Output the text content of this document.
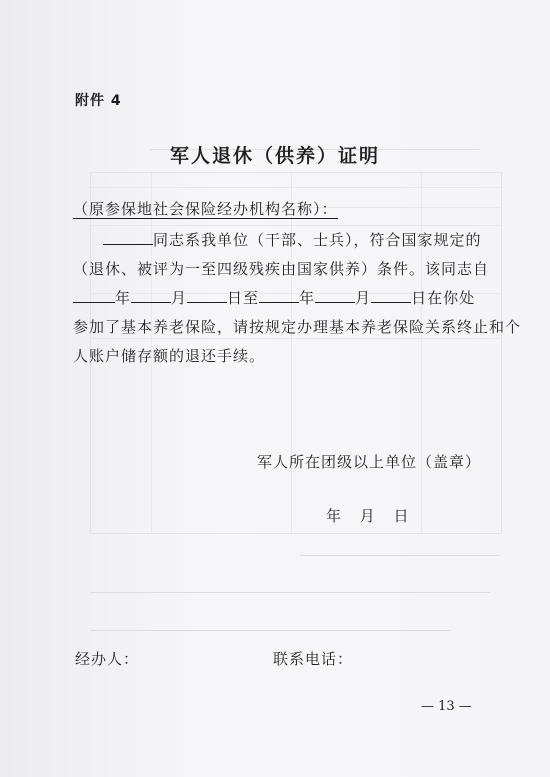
附件 4
军人退休（供养）证明
（原参保地社会保险经办机构名称）：
同志系我单位（干部、士兵），符合国家规定的
（退休、被评为一至四级残疾由国家供养）条件。该同志自
年	月	日至	年	月	日在你处
参加了基本养老保险，请按规定办理基本养老保险关系终止和个
人账户储存额的退还手续。
军人所在团级以上单位（盖章）
年 月 日
经办人：	联系电话：
— 13 —
